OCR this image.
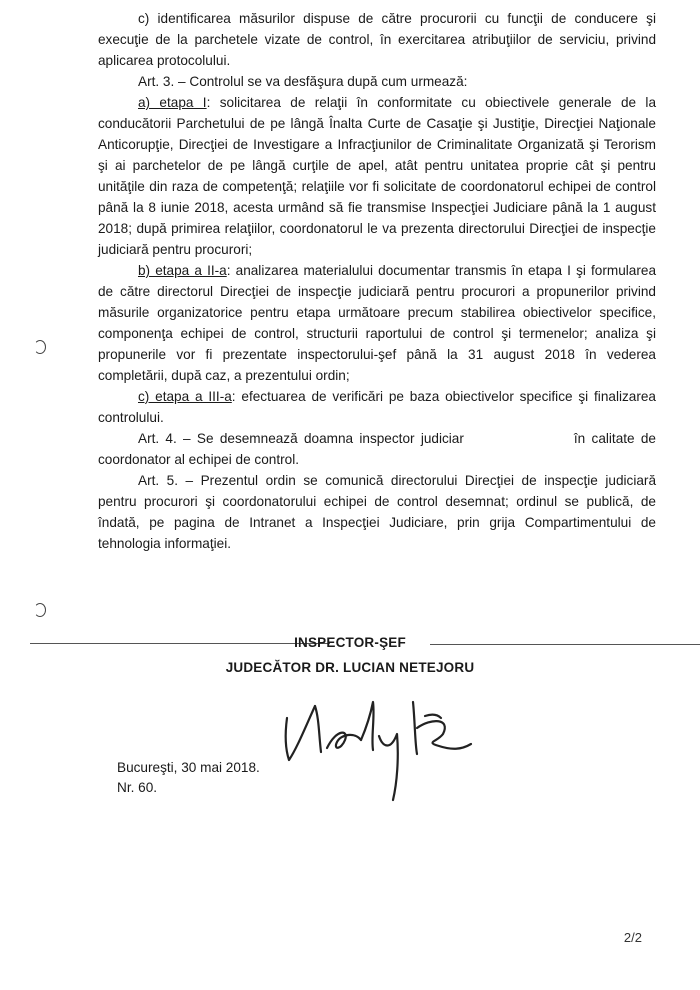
c) identificarea măsurilor dispuse de către procurorii cu funcţii de conducere şi execuţie de la parchetele vizate de control, în exercitarea atribuţiilor de serviciu, privind aplicarea protocolului.

Art. 3. – Controlul se va desfăşura după cum urmează:

a) etapa I: solicitarea de relaţii în conformitate cu obiectivele generale de la conducătorii Parchetului de pe lângă Înalta Curte de Casaţie şi Justiţie, Direcţiei Naţionale Anticorupţie, Direcţiei de Investigare a Infracţiunilor de Criminalitate Organizată şi Terorism şi ai parchetelor de pe lângă curţile de apel, atât pentru unitatea proprie cât şi pentru unităţile din raza de competenţă; relaţiile vor fi solicitate de coordonatorul echipei de control până la 8 iunie 2018, acesta urmând să fie transmise Inspecţiei Judiciare până la 1 august 2018; după primirea relaţiilor, coordonatorul le va prezenta directorului Direcţiei de inspecţie judiciară pentru procurori;

b) etapa a II-a: analizarea materialului documentar transmis în etapa I şi formularea de către directorul Direcţiei de inspecţie judiciară pentru procurori a propunerilor privind măsurile organizatorice pentru etapa următoare precum stabilirea obiectivelor specifice, componenţa echipei de control, structurii raportului de control şi termenelor; analiza şi propunerile vor fi prezentate inspectorului-şef până la 31 august 2018 în vederea completării, după caz, a prezentului ordin;

c) etapa a III-a: efectuarea de verificări pe baza obiectivelor specifice şi finalizarea controlului.

Art. 4. – Se desemnează doamna inspector judiciar	în calitate de coordonator al echipei de control.

Art. 5. – Prezentul ordin se comunică directorului Direcţiei de inspecţie judiciară pentru procurori şi coordonatorului echipei de control desemnat; ordinul se publică, de îndată, pe pagina de Intranet a Inspecţiei Judiciare, prin grija Compartimentului de tehnologia informaţiei.

INSPECTOR-ŞEF
JUDECĂTOR DR. LUCIAN NETEJORU
Bucureşti, 30 mai 2018.
Nr. 60.
2/2
